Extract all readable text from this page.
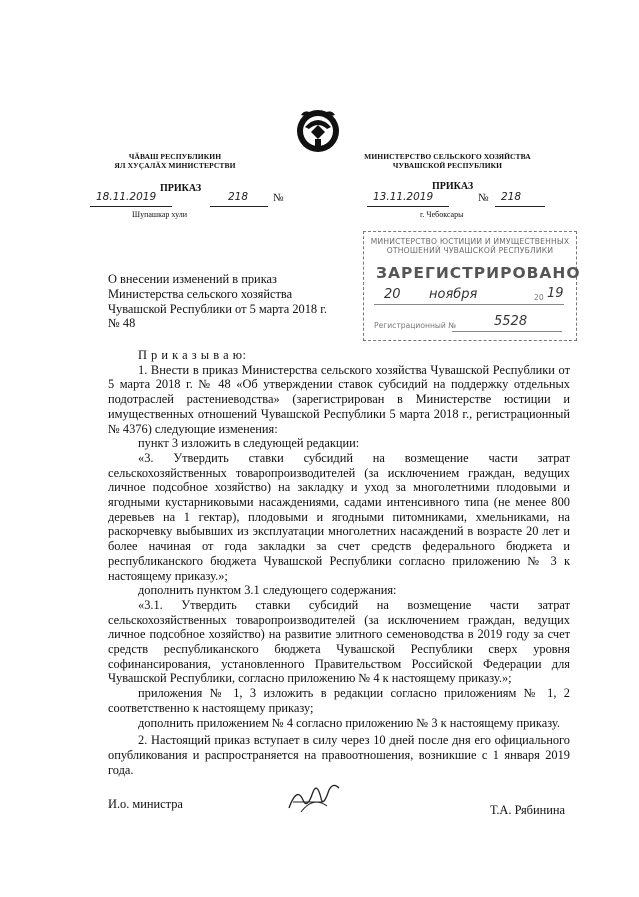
ЧӐВАШ РЕСПУБЛИКИН
ЯЛ ХУҪАЛӐХ МИНИСТЕРСТВИ
ПРИКАЗ
18.11.2019	218 №
Шупашкар хули
МИНИСТЕРСТВО СЕЛЬСКОГО ХОЗЯЙСТВА
ЧУВАШСКОЙ РЕСПУБЛИКИ
ПРИКАЗ
13.11.2019	№ 218
г. Чебоксары
МИНИСТЕРСТВО ЮСТИЦИИ И ИМУЩЕСТВЕННЫХ
ОТНОШЕНИЙ ЧУВАШСКОЙ РЕСПУБЛИКИ
ЗАРЕГИСТРИРОВАНО
20 ноября	20 19
Регистрационный №	5528
О внесении изменений в приказ
Министерства сельского хозяйства
Чувашской Республики от 5 марта 2018 г.
№ 48

П р и к а з ы в а ю:

1. Внести в приказ Министерства сельского хозяйства Чувашской Республики от 5 марта 2018 г. № 48 «Об утверждении ставок субсидий на поддержку отдельных подотраслей растениеводства» (зарегистрирован в Министерстве юстиции и имущественных отношений Чувашской Республики 5 марта 2018 г., регистрационный № 4376) следующие изменения:

пункт 3 изложить в следующей редакции:

«3. Утвердить ставки субсидий на возмещение части затрат сельскохозяйственных товаропроизводителей (за исключением граждан, ведущих личное подсобное хозяйство) на закладку и уход за многолетними плодовыми и ягодными кустарниковыми насаждениями, садами интенсивного типа (не менее 800 деревьев на 1 гектар), плодовыми и ягодными питомниками, хмельниками, на раскорчевку выбывших из эксплуатации многолетних насаждений в возрасте 20 лет и более начиная от года закладки за счет средств федерального бюджета и республиканского бюджета Чувашской Республики согласно приложению № 3 к настоящему приказу.»;

дополнить пунктом 3.1 следующего содержания:

«3.1. Утвердить ставки субсидий на возмещение части затрат сельскохозяйственных товаропроизводителей (за исключением граждан, ведущих личное подсобное хозяйство) на развитие элитного семеноводства в 2019 году за счет средств республиканского бюджета Чувашской Республики сверх уровня софинансирования, установленного Правительством Российской Федерации для Чувашской Республики, согласно приложению № 4 к настоящему приказу.»;

приложения № 1, 3 изложить в редакции согласно приложениям № 1, 2 соответственно к настоящему приказу;

дополнить приложением № 4 согласно приложению № 3 к настоящему приказу.

2. Настоящий приказ вступает в силу через 10 дней после дня его официального опубликования и распространяется на правоотношения, возникшие с 1 января 2019 года.

И.о. министра	Т.А. Рябинина
